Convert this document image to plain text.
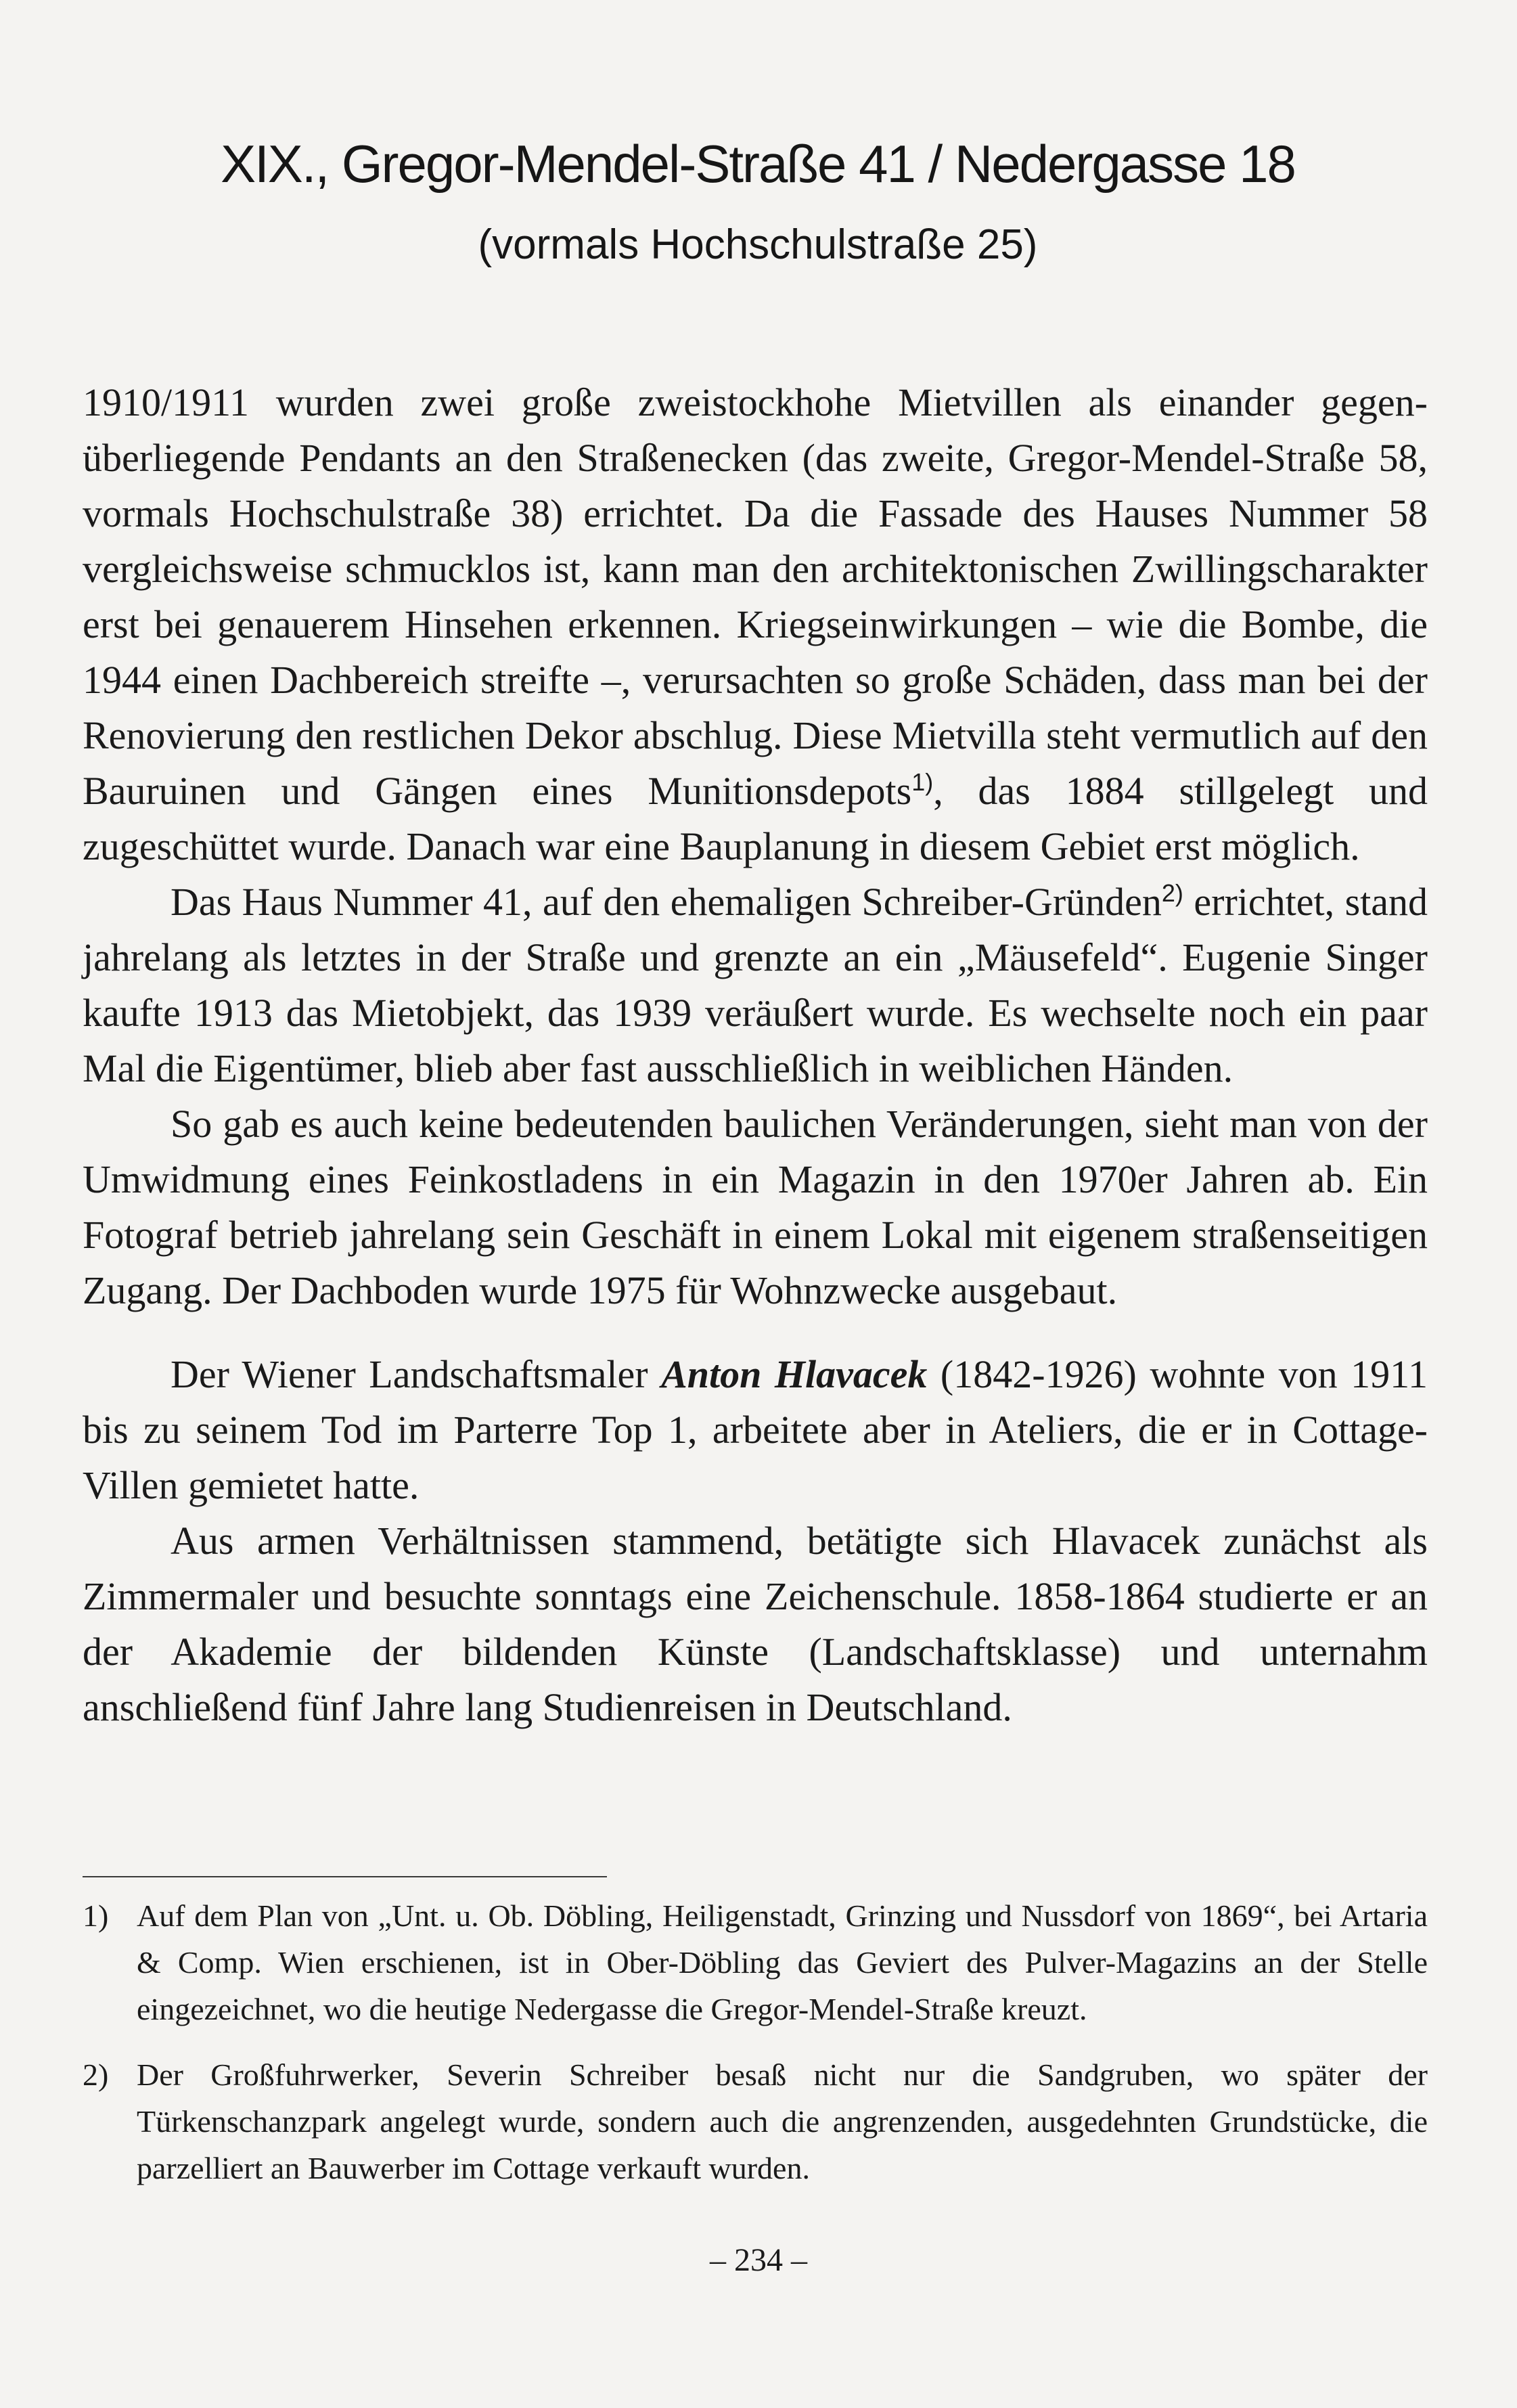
XIX., Gregor-Mendel-Straße 41 / Nedergasse 18
(vormals Hochschulstraße 25)

1910/1911 wurden zwei große zweistockhohe Mietvillen als einander gegenüberliegende Pendants an den Straßenecken (das zweite, Gregor-Mendel-Straße 58, vormals Hochschulstraße 38) errichtet. Da die Fassade des Hauses Nummer 58 vergleichsweise schmucklos ist, kann man den architektonischen Zwillingscharakter erst bei genauerem Hinsehen erkennen. Kriegseinwirkungen – wie die Bombe, die 1944 einen Dachbereich streifte –, verursachten so große Schäden, dass man bei der Renovierung den restlichen Dekor abschlug. Diese Mietvilla steht vermutlich auf den Bauruinen und Gängen eines Munitionsdepots$^{1)}$, das 1884 stillgelegt und zugeschüttet wurde. Danach war eine Bauplanung in diesem Gebiet erst möglich.

Das Haus Nummer 41, auf den ehemaligen Schreiber-Gründen$^{2)}$ errichtet, stand jahrelang als letztes in der Straße und grenzte an ein „Mäusefeld“. Eugenie Singer kaufte 1913 das Mietobjekt, das 1939 veräußert wurde. Es wechselte noch ein paar Mal die Eigentümer, blieb aber fast ausschließlich in weiblichen Händen.

So gab es auch keine bedeutenden baulichen Veränderungen, sieht man von der Umwidmung eines Feinkostladens in ein Magazin in den 1970er Jahren ab. Ein Fotograf betrieb jahrelang sein Geschäft in einem Lokal mit eigenem straßenseitigen Zugang. Der Dachboden wurde 1975 für Wohnzwecke ausgebaut.

Der Wiener Landschaftsmaler Anton Hlavacek (1842-1926) wohnte von 1911 bis zu seinem Tod im Parterre Top 1, arbeitete aber in Ateliers, die er in Cottage-Villen gemietet hatte.

Aus armen Verhältnissen stammend, betätigte sich Hlavacek zunächst als Zimmermaler und besuchte sonntags eine Zeichenschule. 1858-1864 studierte er an der Akademie der bildenden Künste (Landschaftsklasse) und unternahm anschließend fünf Jahre lang Studienreisen in Deutschland.

1) Auf dem Plan von „Unt. u. Ob. Döbling, Heiligenstadt, Grinzing und Nussdorf von 1869“, bei Artaria & Comp. Wien erschienen, ist in Ober-Döbling das Geviert des Pulver-Magazins an der Stelle eingezeichnet, wo die heutige Nedergasse die Gregor-Mendel-Straße kreuzt.
2) Der Großfuhrwerker, Severin Schreiber besaß nicht nur die Sandgruben, wo später der Türkenschanzpark angelegt wurde, sondern auch die angrenzenden, ausgedehnten Grundstücke, die parzelliert an Bauwerber im Cottage verkauft wurden.
– 234 –
